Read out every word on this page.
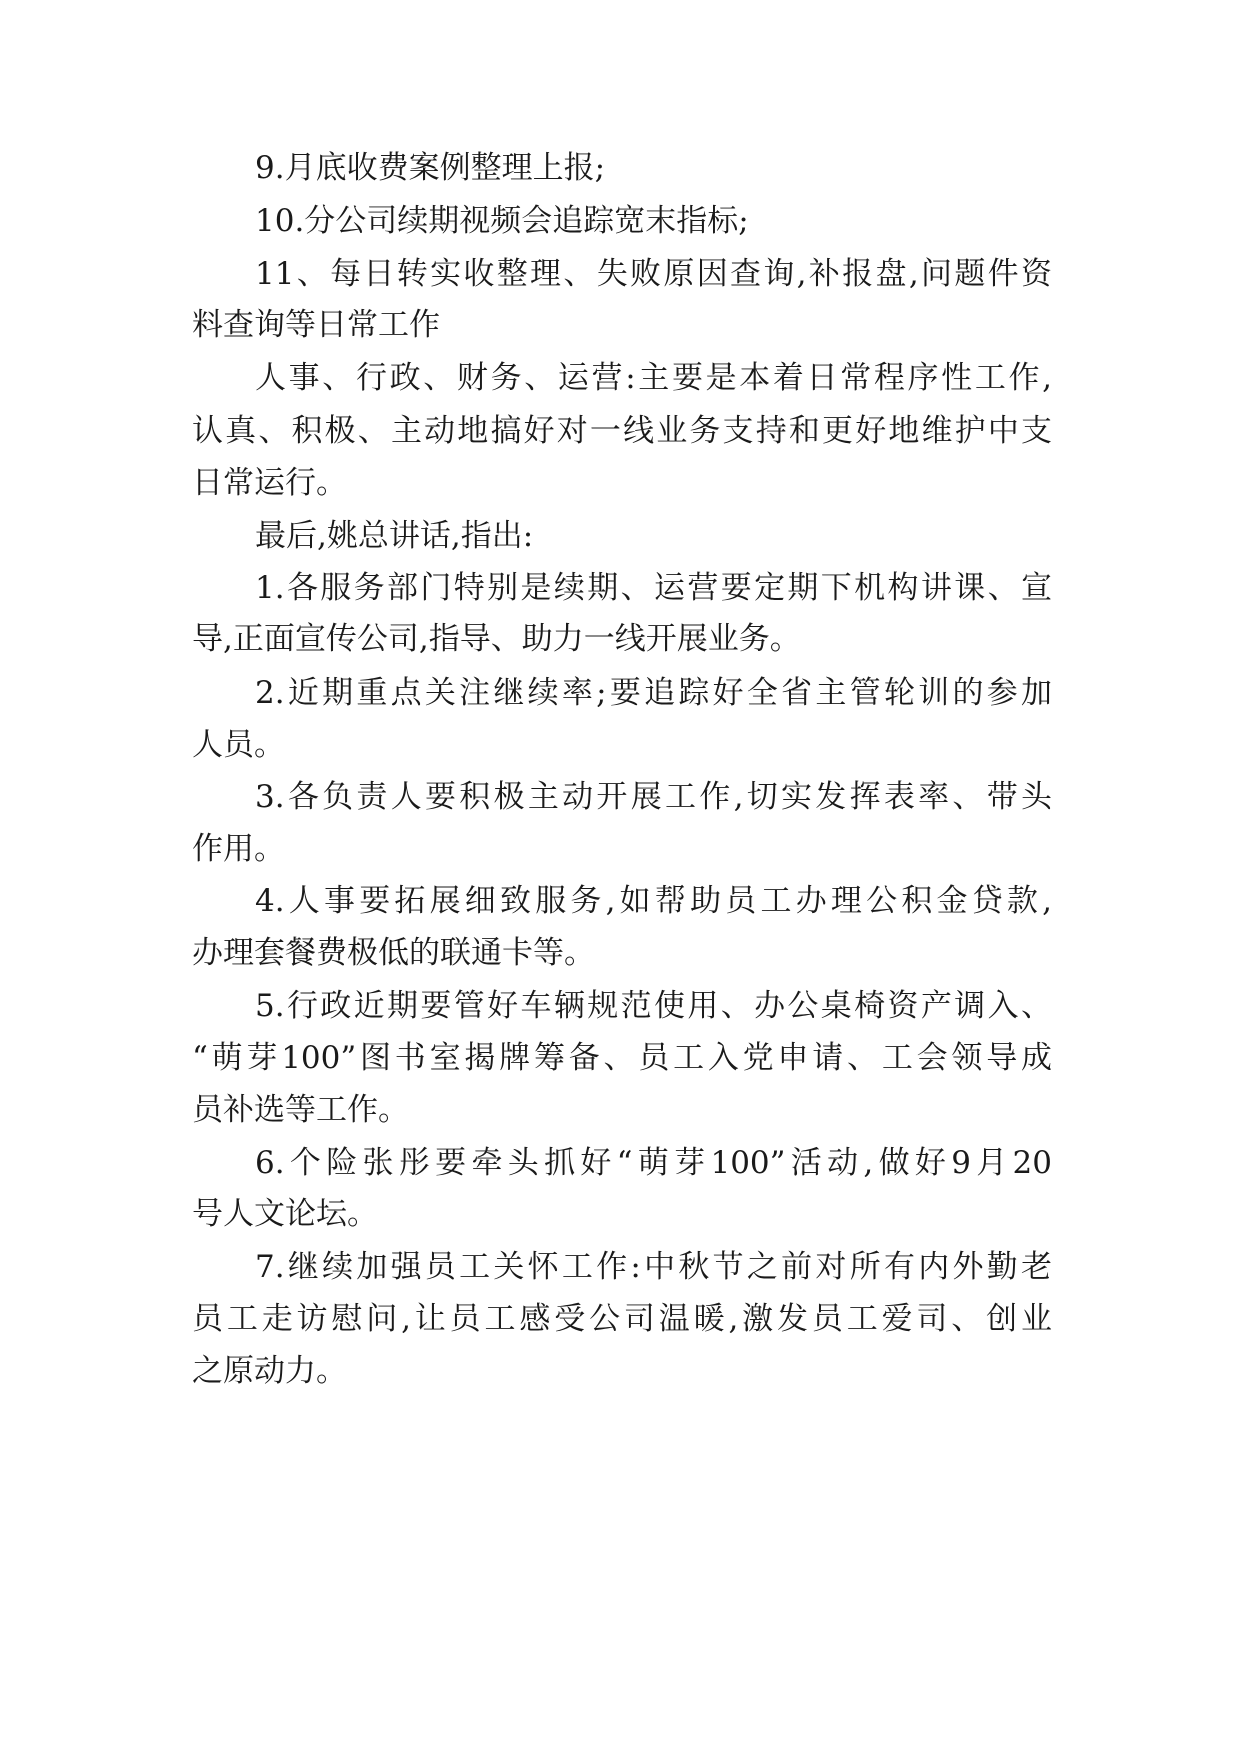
9.月底收费案例整理上报;
10.分公司续期视频会追踪宽末指标;
11、每日转实收整理、失败原因查询,补报盘,问题件资
料查询等日常工作
人事、行政、财务、运营:主要是本着日常程序性工作,
认真、积极、主动地搞好对一线业务支持和更好地维护中支
日常运行。
最后,姚总讲话,指出:
1.各服务部门特别是续期、运营要定期下机构讲课、宣
导,正面宣传公司,指导、助力一线开展业务。
2.近期重点关注继续率;要追踪好全省主管轮训的参加
人员。
3.各负责人要积极主动开展工作,切实发挥表率、带头
作用。
4.人事要拓展细致服务,如帮助员工办理公积金贷款,
办理套餐费极低的联通卡等。
5.行政近期要管好车辆规范使用、办公桌椅资产调入、
“萌芽100”图书室揭牌筹备、员工入党申请、工会领导成
员补选等工作。
6.个险张彤要牵头抓好“萌芽100”活动,做好9月20
号人文论坛。
7.继续加强员工关怀工作:中秋节之前对所有内外勤老
员工走访慰问,让员工感受公司温暖,激发员工爱司、创业
之原动力。
